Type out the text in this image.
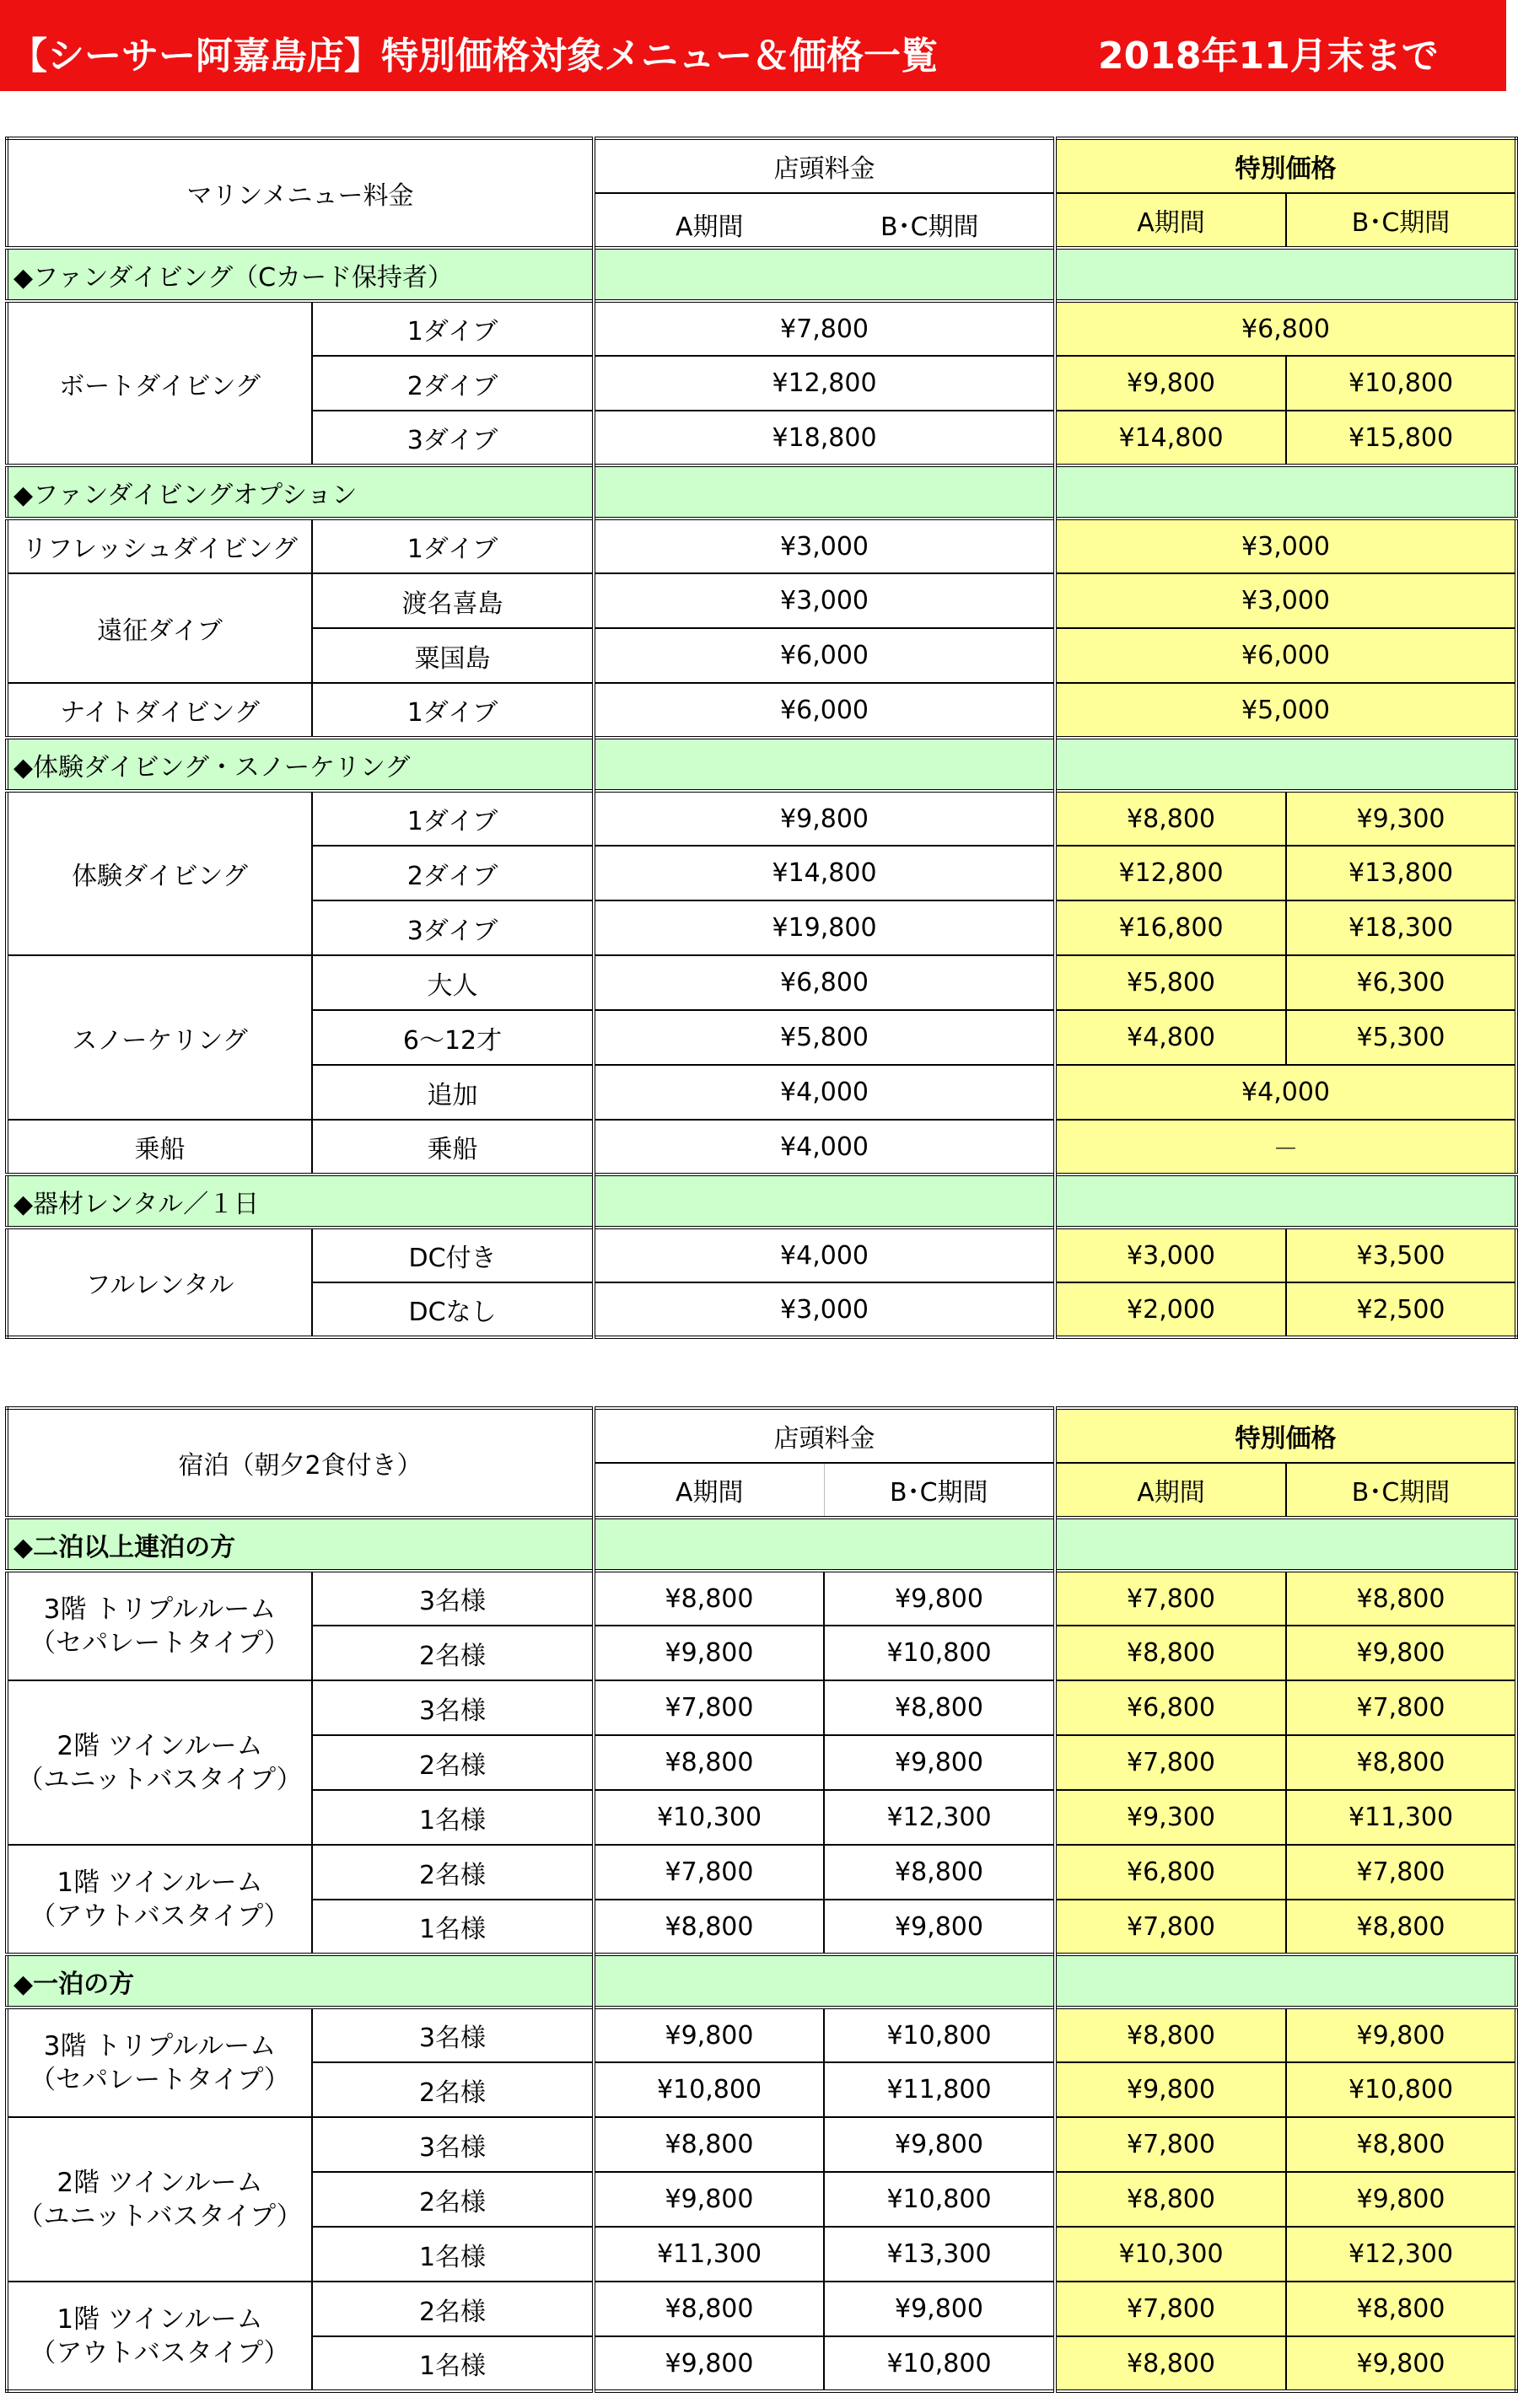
【シーサー阿嘉島店】特別価格対象メニュー＆価格一覧	2018年11月末まで
マリンメニュー料金		店頭料金	特別価格	

		A期間 B･C期間	A期間	B･C期間
◆ファンダイビング（Cカード保持者）				
ボートダイビング	1ダイブ	¥7,800	¥6,800	
	2ダイブ	¥12,800	¥9,800	¥10,800
	3ダイブ	¥18,800	¥14,800	¥15,800
◆ファンダイビングオプション				
リフレッシュダイビング	1ダイブ	¥3,000	¥3,000	
遠征ダイブ	渡名喜島	¥3,000	¥3,000	
	粟国島	¥6,000	¥6,000	
ナイトダイビング	1ダイブ	¥6,000	¥5,000	
◆体験ダイビング・スノーケリング				
体験ダイビング	1ダイブ	¥9,800	¥8,800	¥9,300
	2ダイブ	¥14,800	¥12,800	¥13,800
	3ダイブ	¥19,800	¥16,800	¥18,300
スノーケリング	大人	¥6,800	¥5,800	¥6,300
	6～12才	¥5,800	¥4,800	¥5,300
	追加	¥4,000	¥4,000	
乗船	乗船	¥4,000	－	
◆器材レンタル／１日				
フルレンタル	DC付き	¥4,000	¥3,000	¥3,500
	DCなし	¥3,000	¥2,000	¥2,500
宿泊（朝夕2食付き）		店頭料金		特別価格	
		A期間	B･C期間	A期間	B･C期間
◆二泊以上連泊の方					
3階 トリプルルーム
（セパレートタイプ）	3名様	¥8,800	¥9,800	¥7,800	¥8,800
	2名様	¥9,800	¥10,800	¥8,800	¥9,800
2階 ツインルーム
（ユニットバスタイプ）	3名様	¥7,800	¥8,800	¥6,800	¥7,800
	2名様	¥8,800	¥9,800	¥7,800	¥8,800
	1名様	¥10,300	¥12,300	¥9,300	¥11,300
1階 ツインルーム
（アウトバスタイプ）	2名様	¥7,800	¥8,800	¥6,800	¥7,800
	1名様	¥8,800	¥9,800	¥7,800	¥8,800
◆一泊の方					
3階 トリプルルーム
（セパレートタイプ）	3名様	¥9,800	¥10,800	¥8,800	¥9,800
	2名様	¥10,800	¥11,800	¥9,800	¥10,800
2階 ツインルーム
（ユニットバスタイプ）	3名様	¥8,800	¥9,800	¥7,800	¥8,800
	2名様	¥9,800	¥10,800	¥8,800	¥9,800
	1名様	¥11,300	¥13,300	¥10,300	¥12,300
1階 ツインルーム
（アウトバスタイプ）	2名様	¥8,800	¥9,800	¥7,800	¥8,800
	1名様	¥9,800	¥10,800	¥8,800	¥9,800
